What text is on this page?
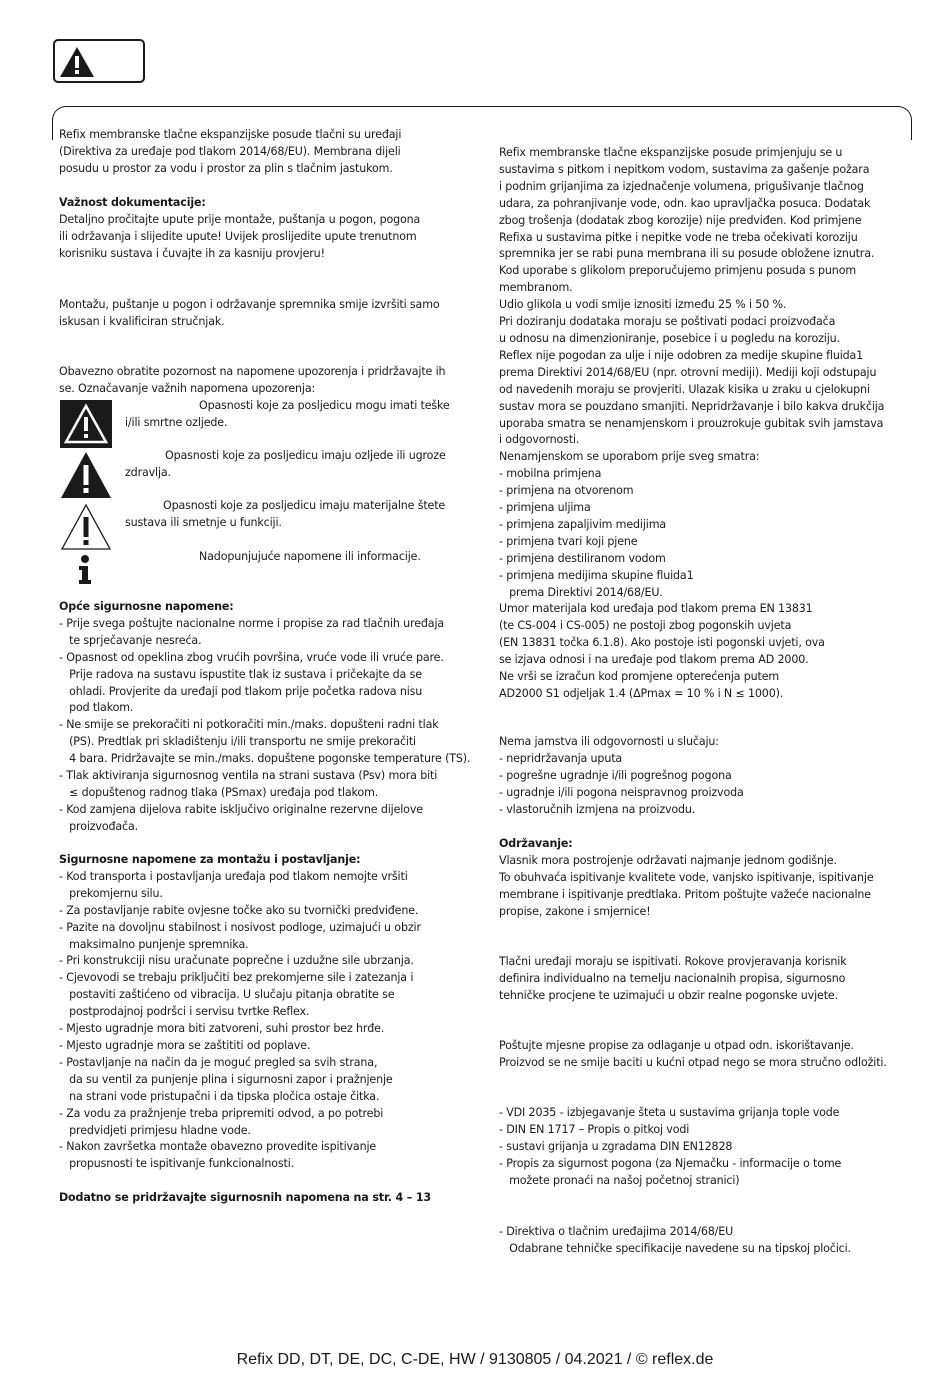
Refix membranske tlačne ekspanzijske posude tlačni su uređaji

(Direktiva za uređaje pod tlakom 2014/68/EU). Membrana dijeli

posudu u prostor za vodu i prostor za plin s tlačnim jastukom.

Važnost dokumentacije:

Detaljno pročitajte upute prije montaže, puštanja u pogon, pogona

ili održavanja i slijedite upute! Uvijek proslijedite upute trenutnom

korisniku sustava i čuvajte ih za kasniju provjeru!

Montažu, puštanje u pogon i održavanje spremnika smije izvršiti samo

iskusan i kvalificiran stručnjak.

Obavezno obratite pozornost na napomene upozorenja i pridržavajte ih

se. Označavanje važnih napomena upozorenja:

Opasnosti koje za posljedicu mogu imati teške

i/ili smrtne ozljede.

Opasnosti koje za posljedicu imaju ozljede ili ugroze

zdravlja.

Opasnosti koje za posljedicu imaju materijalne štete

sustava ili smetnje u funkciji.

Nadopunjujuće napomene ili informacije.

Opće sigurnosne napomene:

- Prije svega poštujte nacionalne norme i propise za rad tlačnih uređaja

te sprječavanje nesreća.

- Opasnost od opeklina zbog vrućih površina, vruće vode ili vruće pare.

Prije radova na sustavu ispustite tlak iz sustava i pričekajte da se

ohladi. Provjerite da uređaji pod tlakom prije početka radova nisu

pod tlakom.

- Ne smije se prekoračiti ni potkoračiti min./maks. dopušteni radni tlak

(PS). Predtlak pri skladištenju i/ili transportu ne smije prekoračiti

4 bara. Pridržavajte se min./maks. dopuštene pogonske temperature (TS).

- Tlak aktiviranja sigurnosnog ventila na strani sustava (Psv) mora biti

≤ dopuštenog radnog tlaka (PSmax) uređaja pod tlakom.

- Kod zamjena dijelova rabite isključivo originalne rezervne dijelove

proizvođača.

Sigurnosne napomene za montažu i postavljanje:

- Kod transporta i postavljanja uređaja pod tlakom nemojte vršiti

prekomjernu silu.

- Za postavljanje rabite ovjesne točke ako su tvornički predviđene.

- Pazite na dovoljnu stabilnost i nosivost podloge, uzimajući u obzir

maksimalno punjenje spremnika.

- Pri konstrukciji nisu uračunate poprečne i uzdužne sile ubrzanja.

- Cjevovodi se trebaju priključiti bez prekomjerne sile i zatezanja i

postaviti zaštićeno od vibracija. U slučaju pitanja obratite se

postprodajnoj podršci i servisu tvrtke Reflex.

- Mjesto ugradnje mora biti zatvoreni, suhi prostor bez hrđe.

- Mjesto ugradnje mora se zaštititi od poplave.

- Postavljanje na način da je moguć pregled sa svih strana,

da su ventil za punjenje plina i sigurnosni zapor i pražnjenje

na strani vode pristupačni i da tipska pločica ostaje čitka.

- Za vodu za pražnjenje treba pripremiti odvod, a po potrebi

predvidjeti primjesu hladne vode.

- Nakon završetka montaže obavezno provedite ispitivanje

propusnosti te ispitivanje funkcionalnosti.

Dodatno se pridržavajte sigurnosnih napomena na str. 4 – 13

Refix membranske tlačne ekspanzijske posude primjenjuju se u

sustavima s pitkom i nepitkom vodom, sustavima za gašenje požara

i podnim grijanjima za izjednačenje volumena, prigušivanje tlačnog

udara, za pohranjivanje vode, odn. kao upravljačka posuca. Dodatak

zbog trošenja (dodatak zbog korozije) nije predviđen. Kod primjene

Refixa u sustavima pitke i nepitke vode ne treba očekivati koroziju

spremnika jer se rabi puna membrana ili su posude obložene iznutra.

Kod uporabe s glikolom preporučujemo primjenu posuda s punom

membranom.

Udio glikola u vodi smije iznositi između 25 % i 50 %.

Pri doziranju dodataka moraju se poštivati podaci proizvođača

u odnosu na dimenzioniranje, posebice i u pogledu na koroziju.

Reflex nije pogodan za ulje i nije odobren za medije skupine fluida1

prema Direktivi 2014/68/EU (npr. otrovni mediji). Mediji koji odstupaju

od navedenih moraju se provjeriti. Ulazak kisika u zraku u cjelokupni

sustav mora se pouzdano smanjiti. Nepridržavanje i bilo kakva drukčija

uporaba smatra se nenamjenskom i prouzrokuje gubitak svih jamstava

i odgovornosti.

Nenamjenskom se uporabom prije sveg smatra:

- mobilna primjena

- primjena na otvorenom

- primjena uljima

- primjena zapaljivim medijima

- primjena tvari koji pjene

- primjena destiliranom vodom

- primjena medijima skupine fluida1

prema Direktivi 2014/68/EU.

Umor materijala kod uređaja pod tlakom prema EN 13831

(te CS-004 i CS-005) ne postoji zbog pogonskih uvjeta

(EN 13831 točka 6.1.8). Ako postoje isti pogonski uvjeti, ova

se izjava odnosi i na uređaje pod tlakom prema AD 2000.

Ne vrši se izračun kod promjene opterećenja putem

AD2000 S1 odjeljak 1.4 (ΔPmax = 10 % i N ≤ 1000).

Nema jamstva ili odgovornosti u slučaju:

- nepridržavanja uputa

- pogrešne ugradnje i/ili pogrešnog pogona

- ugradnje i/ili pogona neispravnog proizvoda

- vlastoručnih izmjena na proizvodu.

Održavanje:

Vlasnik mora postrojenje održavati najmanje jednom godišnje.

To obuhvaća ispitivanje kvalitete vode, vanjsko ispitivanje, ispitivanje

membrane i ispitivanje predtlaka. Pritom poštujte važeće nacionalne

propise, zakone i smjernice!

Tlačni uređaji moraju se ispitivati. Rokove provjeravanja korisnik

definira individualno na temelju nacionalnih propisa, sigurnosno

tehničke procjene te uzimajući u obzir realne pogonske uvjete.

Poštujte mjesne propise za odlaganje u otpad odn. iskorištavanje.

Proizvod se ne smije baciti u kućni otpad nego se mora stručno odložiti.

- VDI 2035 - izbjegavanje šteta u sustavima grijanja tople vode

- DIN EN 1717 – Propis o pitkoj vodi

- sustavi grijanja u zgradama DIN EN12828

- Propis za sigurnost pogona (za Njemačku - informacije o tome

možete pronaći na našoj početnoj stranici)

- Direktiva o tlačnim uređajima 2014/68/EU

Odabrane tehničke specifikacije navedene su na tipskoj pločici.

Refix DD, DT, DE, DC, C-DE, HW / 9130805 / 04.2021 / © reflex.de
